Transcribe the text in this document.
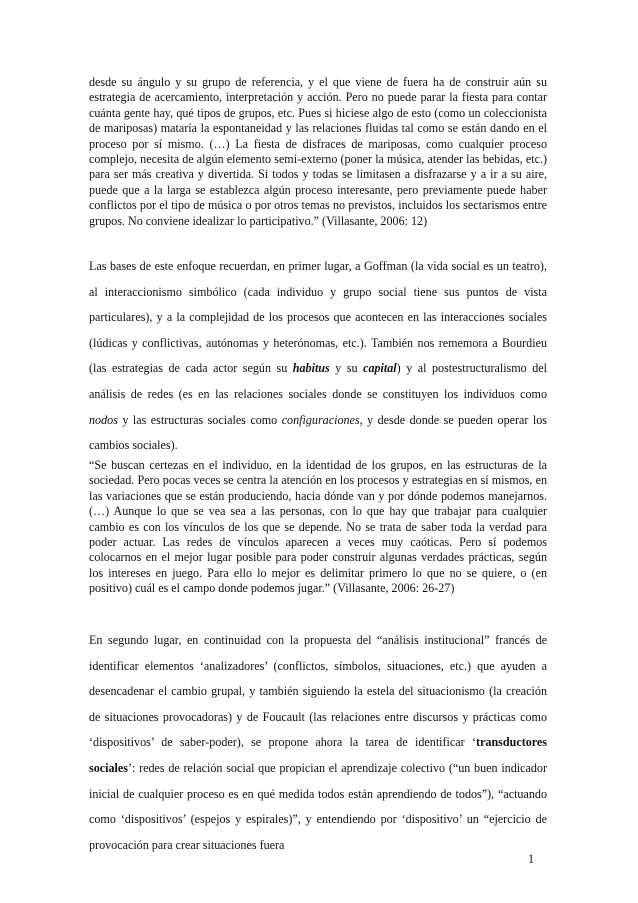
desde su ángulo y su grupo de referencia, y el que viene de fuera ha de construir aún su estrategia de acercamiento, interpretación y acción. Pero no puede parar la fiesta para contar cuánta gente hay, qué tipos de grupos, etc. Pues si hiciese algo de esto (como un coleccionista de mariposas) mataría la espontaneidad y las relaciones fluidas tal como se están dando en el proceso por sí mismo. (…) La fiesta de disfraces de mariposas, como cualquier proceso complejo, necesita de algún elemento semi-externo (poner la música, atender las bebidas, etc.) para ser más creativa y divertida. Si todos y todas se limitasen a disfrazarse y a ir a su aire, puede que a la larga se establezca algún proceso interesante, pero previamente puede haber conflictos por el tipo de música o por otros temas no previstos, incluidos los sectarismos entre grupos. No conviene idealizar lo participativo.” (Villasante, 2006: 12)

Las bases de este enfoque recuerdan, en primer lugar, a Goffman (la vida social es un teatro), al interaccionismo simbólico (cada individuo y grupo social tiene sus puntos de vista particulares), y a la complejidad de los procesos que acontecen en las interacciones sociales (lúdicas y conflictivas, autónomas y heterónomas, etc.). También nos rememora a Bourdieu (las estrategias de cada actor según su habitus y su capital) y al postestructuralismo del análisis de redes (es en las relaciones sociales donde se constituyen los individuos como nodos y las estructuras sociales como configuraciones, y desde donde se pueden operar los cambios sociales).

“Se buscan certezas en el individuo, en la identidad de los grupos, en las estructuras de la sociedad. Pero pocas veces se centra la atención en los procesos y estrategias en sí mismos, en las variaciones que se están produciendo, hacia dónde van y por dónde podemos manejarnos. (…) Aunque lo que se vea sea a las personas, con lo que hay que trabajar para cualquier cambio es con los vínculos de los que se depende. No se trata de saber toda la verdad para poder actuar. Las redes de vínculos aparecen a veces muy caóticas. Pero sí podemos colocarnos en el mejor lugar posible para poder construir algunas verdades prácticas, según los intereses en juego. Para ello lo mejor es delimitar primero lo que no se quiere, o (en positivo) cuál es el campo donde podemos jugar.” (Villasante, 2006: 26-27)

En segundo lugar, en continuidad con la propuesta del “análisis institucional” francés de identificar elementos ‘analizadores’ (conflictos, símbolos, situaciones, etc.) que ayuden a desencadenar el cambio grupal, y también siguiendo la estela del situacionismo (la creación de situaciones provocadoras) y de Foucault (las relaciones entre discursos y prácticas como ‘dispositivos’ de saber-poder), se propone ahora la tarea de identificar ‘transductores sociales’: redes de relación social que propician el aprendizaje colectivo (“un buen indicador inicial de cualquier proceso es en qué medida todos están aprendiendo de todos”), “actuando como ‘dispositivos’ (espejos y espirales)”, y entendiendo por ‘dispositivo’ un “ejercicio de provocación para crear situaciones fuera

1
